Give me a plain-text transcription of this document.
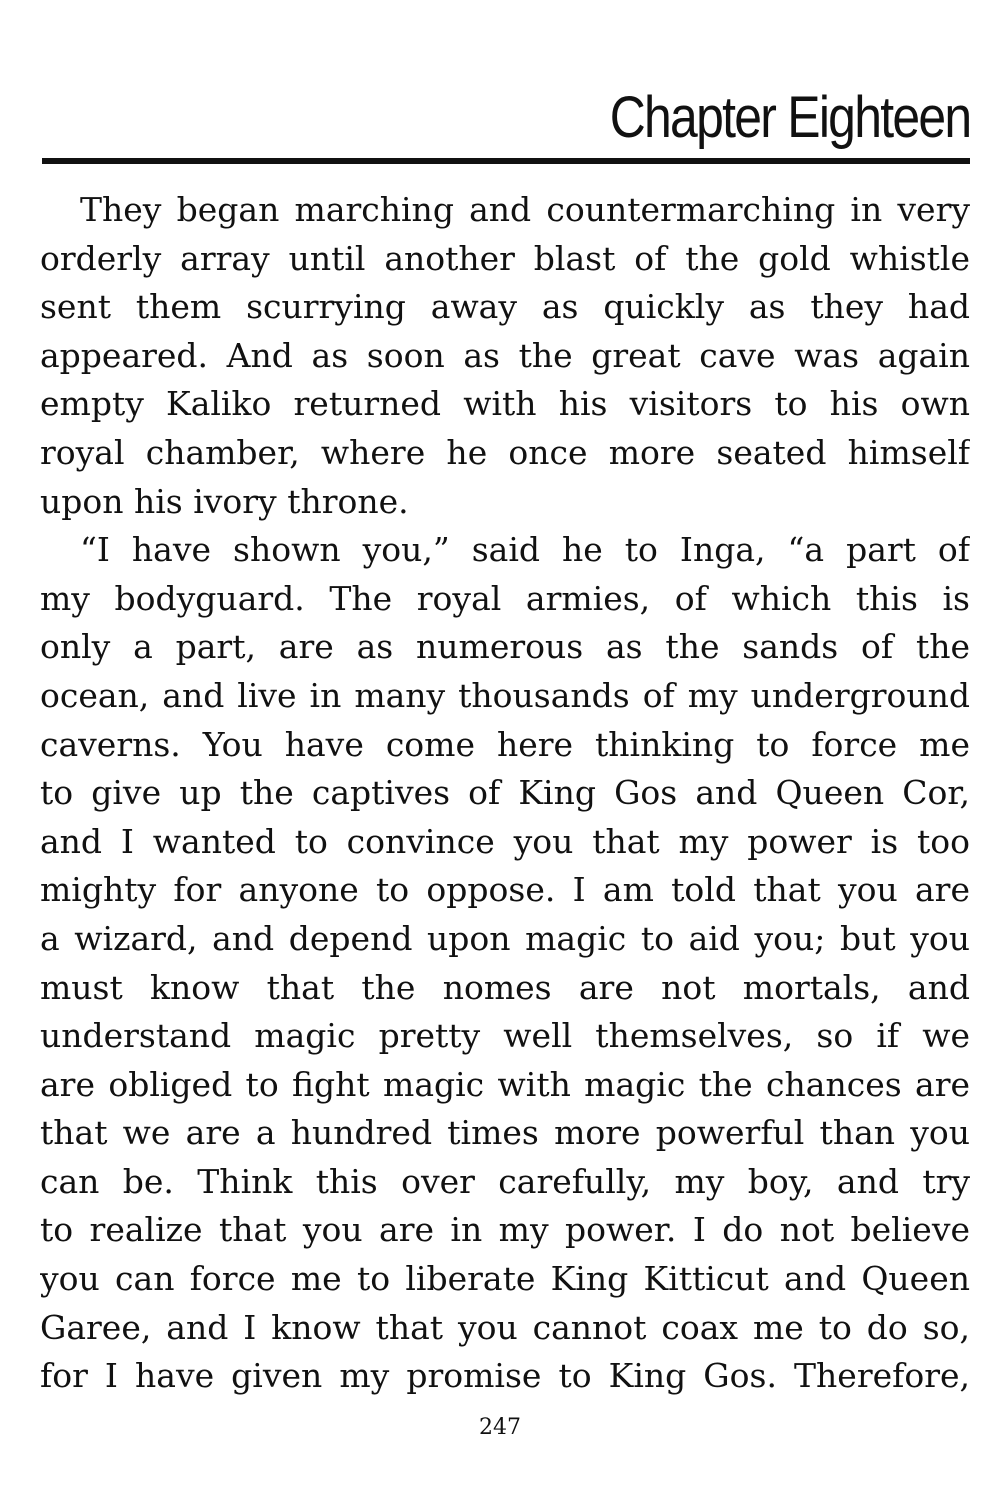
Chapter Eighteen
They began marching and countermarching in very
orderly array until another blast of the gold whistle
sent them scurrying away as quickly as they had
appeared. And as soon as the great cave was again
empty Kaliko returned with his visitors to his own
royal chamber, where he once more seated himself
upon his ivory throne.
“I have shown you,” said he to Inga, “a part of
my bodyguard. The royal armies, of which this is
only a part, are as numerous as the sands of the
ocean, and live in many thousands of my underground
caverns. You have come here thinking to force me
to give up the captives of King Gos and Queen Cor,
and I wanted to convince you that my power is too
mighty for anyone to oppose. I am told that you are
a wizard, and depend upon magic to aid you; but you
must know that the nomes are not mortals, and
understand magic pretty well themselves, so if we
are obliged to fight magic with magic the chances are
that we are a hundred times more powerful than you
can be. Think this over carefully, my boy, and try
to realize that you are in my power. I do not believe
you can force me to liberate King Kitticut and Queen
Garee, and I know that you cannot coax me to do so,
for I have given my promise to King Gos. Therefore,
247
